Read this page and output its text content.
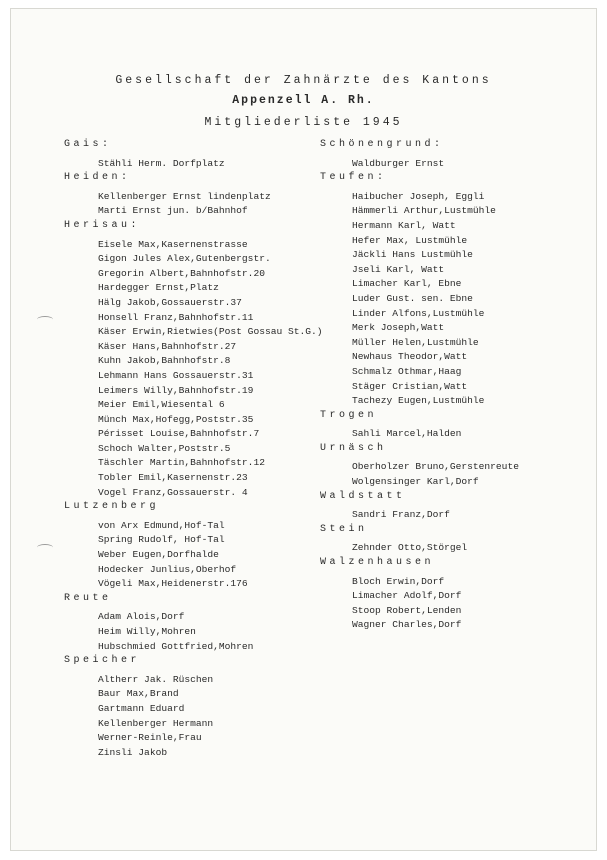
Gesellschaft der Zahnärzte des Kantons
Appenzell A. Rh.
Mitgliederliste 1945
Gais:
Stähli Herm. Dorfplatz
Heiden:
Kellenberger Ernst lindenplatz
Marti Ernst jun. b/Bahnhof
Herisau:
Eisele Max,Kasernenstrasse
Gigon Jules Alex,Gutenbergstr.
Gregorin Albert,Bahnhofstr.20
Hardegger Ernst,Platz
Hälg Jakob,Gossauerstr.37
Honsell Franz,Bahnhofstr.11
Käser Erwin,Rietwies(Post Gossau St.G.)
Käser Hans,Bahnhofstr.27
Kuhn Jakob,Bahnhofstr.8
Lehmann Hans Gossauerstr.31
Leimers Willy,Bahnhofstr.19
Meier Emil,Wiesental 6
Münch Max,Hofegg,Poststr.35
Périsset Louise,Bahnhofstr.7
Schoch Walter,Poststr.5
Täschler Martin,Bahnhofstr.12
Tobler Emil,Kasernenstr.23
Vogel Franz,Gossauerstr. 4
Lutzenberg
von Arx Edmund,Hof-Tal
Spring Rudolf, Hof-Tal
Weber Eugen,Dorfhalde
Hodecker Junlius,Oberhof
Vögeli Max,Heidenerstr.176
Reute
Adam Alois,Dorf
Heim Willy,Mohren
Hubschmied Gottfried,Mohren
Speicher
Altherr Jak. Rüschen
Baur Max,Brand
Gartmann Eduard
Kellenberger Hermann
Werner-Reinle,Frau
Zinsli Jakob
Schönengrund:
Waldburger Ernst
Teufen:
Haibucher Joseph, Eggli
Hämmerli Arthur,Lustmühle
Hermann Karl, Watt
Hefer Max, Lustmühle
Jäckli Hans Lustmühle
Jseli Karl, Watt
Limacher Karl, Ebne
Luder Gust. sen. Ebne
Linder Alfons,Lustmühle
Merk Joseph,Watt
Müller Helen,Lustmühle
Newhaus Theodor,Watt
Schmalz Othmar,Haag
Stäger Cristian,Watt
Tachezy Eugen,Lustmühle
Trogen
Sahli Marcel,Halden
Urnäsch
Oberholzer Bruno,Gerstenreute
Wolgensinger Karl,Dorf
Waldstatt
Sandri Franz,Dorf
Stein
Zehnder Otto,Störgel
Walzenhausen
Bloch Erwin,Dorf
Limacher Adolf,Dorf
Stoop Robert,Lenden
Wagner Charles,Dorf
